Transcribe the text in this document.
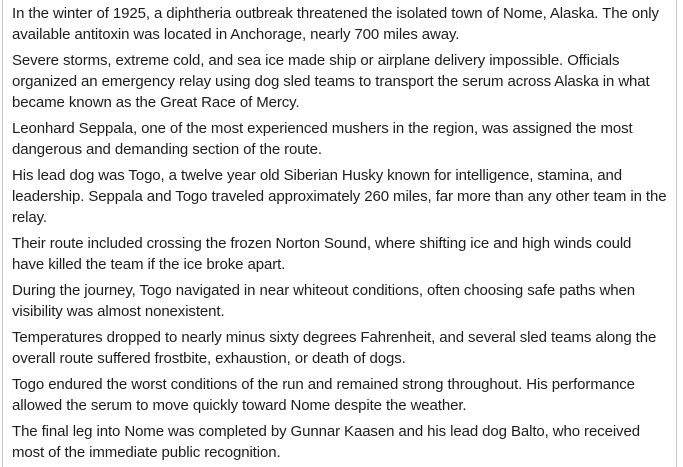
In the winter of 1925, a diphtheria outbreak threatened the isolated town of Nome, Alaska. The only available antitoxin was located in Anchorage, nearly 700 miles away.

Severe storms, extreme cold, and sea ice made ship or airplane delivery impossible. Officials organized an emergency relay using dog sled teams to transport the serum across Alaska in what became known as the Great Race of Mercy.

Leonhard Seppala, one of the most experienced mushers in the region, was assigned the most dangerous and demanding section of the route.

His lead dog was Togo, a twelve year old Siberian Husky known for intelligence, stamina, and leadership. Seppala and Togo traveled approximately 260 miles, far more than any other team in the relay.

Their route included crossing the frozen Norton Sound, where shifting ice and high winds could have killed the team if the ice broke apart.

During the journey, Togo navigated in near whiteout conditions, often choosing safe paths when visibility was almost nonexistent.

Temperatures dropped to nearly minus sixty degrees Fahrenheit, and several sled teams along the overall route suffered frostbite, exhaustion, or death of dogs.

Togo endured the worst conditions of the run and remained strong throughout. His performance allowed the serum to move quickly toward Nome despite the weather.

The final leg into Nome was completed by Gunnar Kaasen and his lead dog Balto, who received most of the immediate public recognition.
